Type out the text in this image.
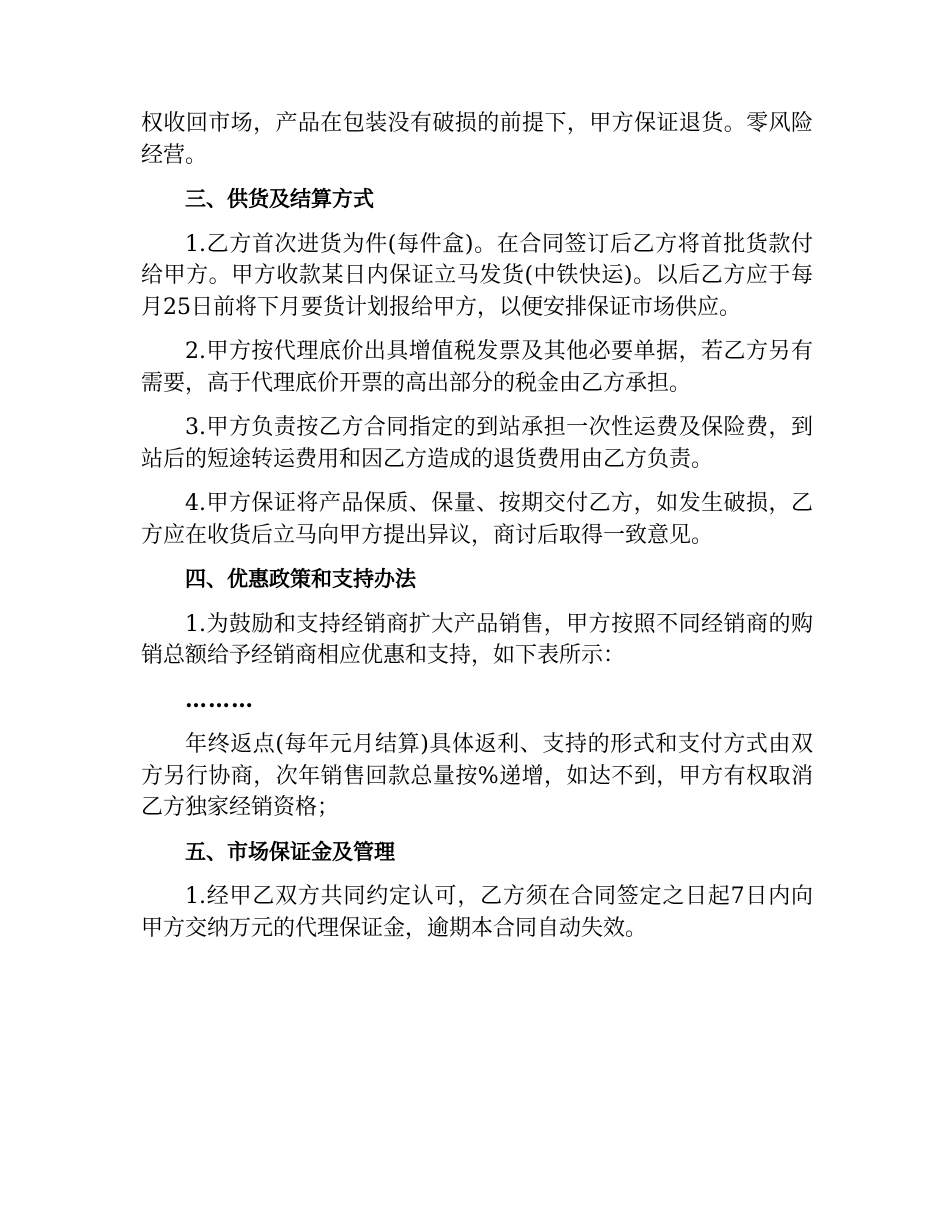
权收回市场，产品在包装没有破损的前提下，甲方保证退货。零风险经营。

三、供货及结算方式

1.乙方首次进货为件(每件盒)。在合同签订后乙方将首批货款付给甲方。甲方收款某日内保证立马发货(中铁快运)。以后乙方应于每月25日前将下月要货计划报给甲方，以便安排保证市场供应。

2.甲方按代理底价出具增值税发票及其他必要单据，若乙方另有需要，高于代理底价开票的高出部分的税金由乙方承担。

3.甲方负责按乙方合同指定的到站承担一次性运费及保险费，到站后的短途转运费用和因乙方造成的退货费用由乙方负责。

4.甲方保证将产品保质、保量、按期交付乙方，如发生破损，乙方应在收货后立马向甲方提出异议，商讨后取得一致意见。

四、优惠政策和支持办法

1.为鼓励和支持经销商扩大产品销售，甲方按照不同经销商的购销总额给予经销商相应优惠和支持，如下表所示：

………

年终返点(每年元月结算)具体返利、支持的形式和支付方式由双方另行协商，次年销售回款总量按%递增，如达不到，甲方有权取消乙方独家经销资格；

五、市场保证金及管理

1.经甲乙双方共同约定认可，乙方须在合同签定之日起7日内向甲方交纳万元的代理保证金，逾期本合同自动失效。
